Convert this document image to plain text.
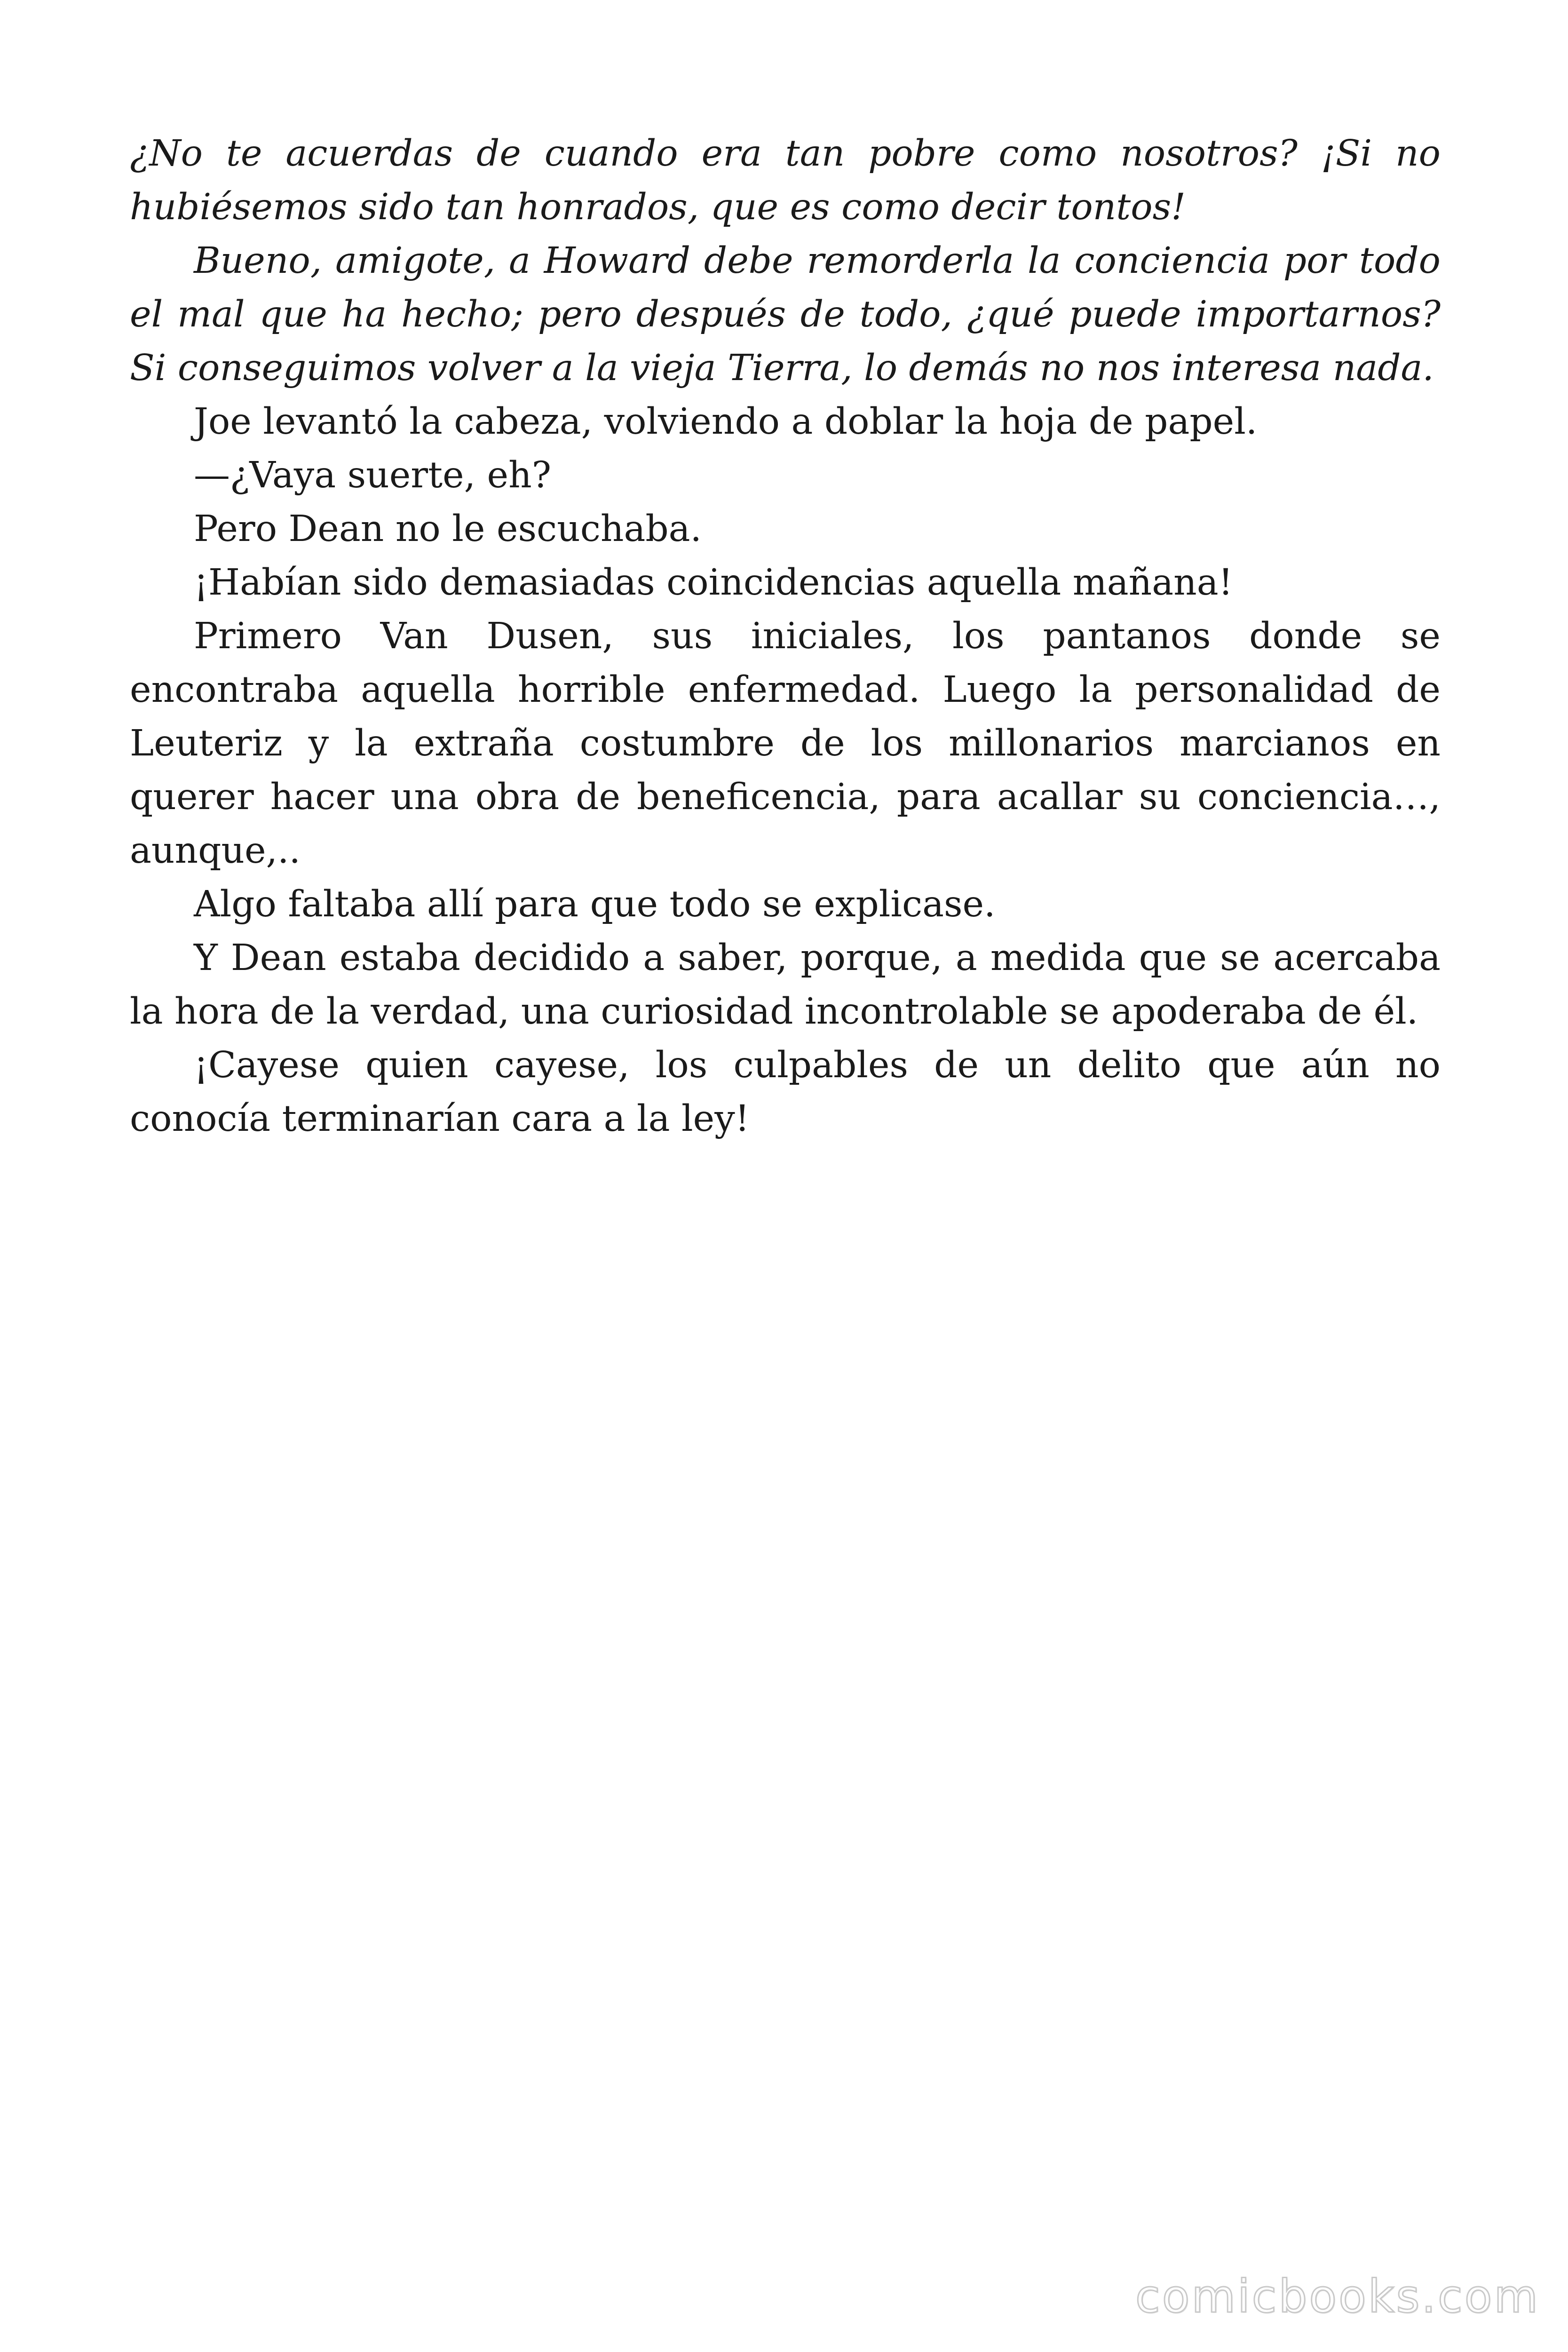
¿No te acuerdas de cuando era tan pobre como nosotros? ¡Si no hubiésemos sido tan honrados, que es como decir tontos!

Bueno, amigote, a Howard debe remorderla la conciencia por todo el mal que ha hecho; pero después de todo, ¿qué puede importarnos? Si conseguimos volver a la vieja Tierra, lo demás no nos interesa nada.

Joe levantó la cabeza, volviendo a doblar la hoja de papel.

—¿Vaya suerte, eh?

Pero Dean no le escuchaba.

¡Habían sido demasiadas coincidencias aquella mañana!

Primero Van Dusen, sus iniciales, los pantanos donde se encontraba aquella horrible enfermedad. Luego la personalidad de Leuteriz y la extraña costumbre de los millonarios marcianos en querer hacer una obra de beneficencia, para acallar su conciencia…, aunque,..

Algo faltaba allí para que todo se explicase.

Y Dean estaba decidido a saber, porque, a medida que se acercaba la hora de la verdad, una curiosidad incontrolable se apoderaba de él.

¡Cayese quien cayese, los culpables de un delito que aún no conocía terminarían cara a la ley!

comicbooks.com
